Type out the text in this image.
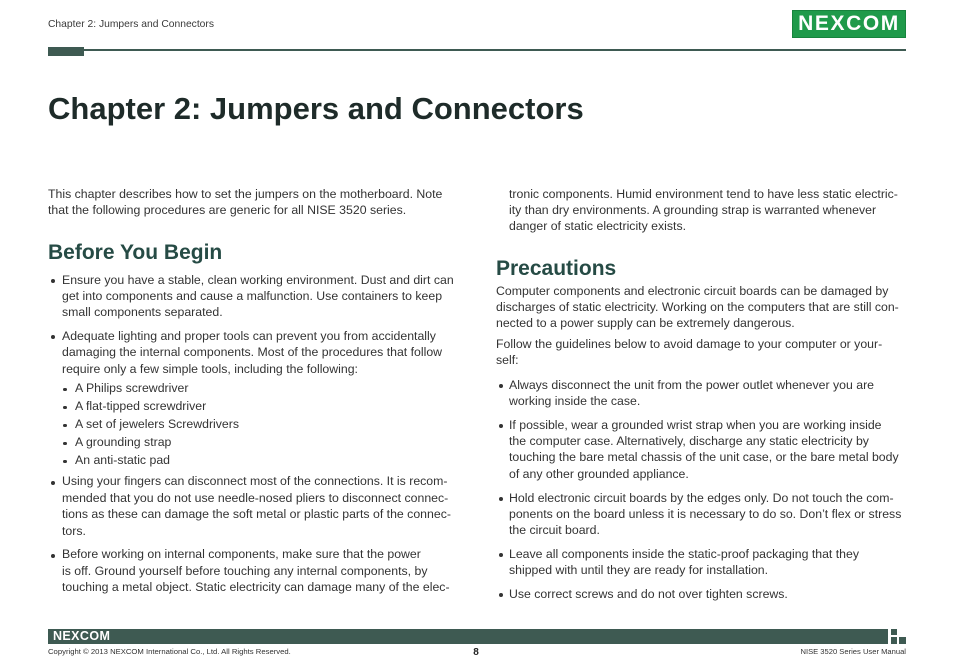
Chapter 2: Jumpers and Connectors	NEXCOM
Chapter 2: Jumpers and Connectors

This chapter describes how to set the jumpers on the motherboard. Note
that the following procedures are generic for all NISE 3520 series.

Before You Begin
Ensure you have a stable, clean working environment. Dust and dirt can
get into components and cause a malfunction. Use containers to keep
small components separated.
Adequate lighting and proper tools can prevent you from accidentally
damaging the internal components. Most of the procedures that follow
require only a few simple tools, including the following:
A Philips screwdriver
A flat-tipped screwdriver
A set of jewelers Screwdrivers
A grounding strap
An anti-static pad
Using your fingers can disconnect most of the connections. It is recom-
mended that you do not use needle-nosed pliers to disconnect connec-
tions as these can damage the soft metal or plastic parts of the connec-
tors.
Before working on internal components, make sure that the power
is off. Ground yourself before touching any internal components, by
touching a metal object. Static electricity can damage many of the elec-
tronic components. Humid environment tend to have less static electric-
ity than dry environments. A grounding strap is warranted whenever
danger of static electricity exists.
Precautions

Computer components and electronic circuit boards can be damaged by
discharges of static electricity. Working on the computers that are still con-
nected to a power supply can be extremely dangerous.

Follow the guidelines below to avoid damage to your computer or your-
self:

Always disconnect the unit from the power outlet whenever you are
working inside the case.
If possible, wear a grounded wrist strap when you are working inside
the computer case. Alternatively, discharge any static electricity by
touching the bare metal chassis of the unit case, or the bare metal body
of any other grounded appliance.
Hold electronic circuit boards by the edges only. Do not touch the com-
ponents on the board unless it is necessary to do so. Don’t flex or stress
the circuit board.
Leave all components inside the static-proof packaging that they
shipped with until they are ready for installation.
Use correct screws and do not over tighten screws.
NEXCOM
Copyright © 2013 NEXCOM International Co., Ltd. All Rights Reserved.	8	NISE 3520 Series User Manual
